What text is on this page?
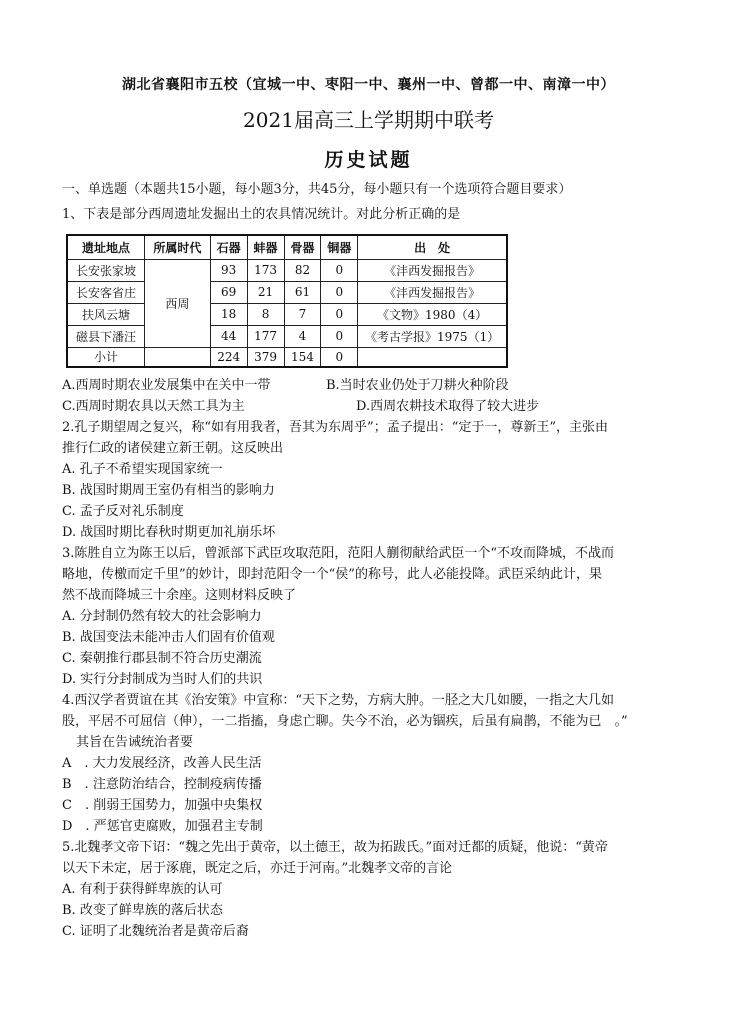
湖北省襄阳市五校（宜城一中、枣阳一中、襄州一中、曾都一中、南漳一中）
2021届高三上学期期中联考
历史试题
一、单选题（本题共15小题，每小题3分，共45分，每小题只有一个选项符合题目要求）
1、下表是部分西周遗址发掘出土的农具情况统计。对此分析正确的是
遗址地点	所属时代	石器	蚌器	骨器	铜器	出　处
长安张家坡	西周	93	173	82	0	《沣西发掘报告》
长安客省庄		69	21	61	0	《沣西发掘报告》
扶风云塘		18	8	7	0	《文物》1980（4）
磁县下潘汪		44	177	4	0	《考古学报》1975（1）
小计		224	379	154	0	
A.西周时期农业发展集中在关中一带	B.当时农业仍处于刀耕火种阶段
C.西周时期农具以天然工具为主	D.西周农耕技术取得了较大进步
2.孔子期望周之复兴，称“如有用我者，吾其为东周乎”；孟子提出：“定于一，尊新王”，主张由
推行仁政的诸侯建立新王朝。这反映出
A. 孔子不希望实现国家统一
B. 战国时期周王室仍有相当的影响力
C. 孟子反对礼乐制度
D. 战国时期比春秋时期更加礼崩乐坏
3.陈胜自立为陈王以后，曾派部下武臣攻取范阳，范阳人蒯彻献给武臣一个“不攻而降城，不战而
略地，传檄而定千里”的妙计，即封范阳令一个“侯”的称号，此人必能投降。武臣采纳此计，果
然不战而降城三十余座。这则材料反映了
A. 分封制仍然有较大的社会影响力
B. 战国变法未能冲击人们固有价值观
C. 秦朝推行郡县制不符合历史潮流
D. 实行分封制成为当时人们的共识
4.西汉学者贾谊在其《治安策》中宣称：“天下之势，方病大肿。一胫之大几如腰，一指之大几如
股，平居不可屈信（伸），一二指搐，身虑亡聊。失今不治，必为锢疾，后虽有扁鹊，不能为已　。”
其旨在告诫统治者要
A　. 大力发展经济，改善人民生活
B　. 注意防治结合，控制疫病传播
C　. 削弱王国势力，加强中央集权
D　. 严惩官吏腐败，加强君主专制
5.北魏孝文帝下诏：“魏之先出于黄帝，以土德王，故为拓跋氏。”面对迁都的质疑，他说：“黄帝
以天下未定，居于涿鹿，既定之后，亦迁于河南。”北魏孝文帝的言论
A. 有利于获得鲜卑族的认可
B. 改变了鲜卑族的落后状态
C. 证明了北魏统治者是黄帝后裔
